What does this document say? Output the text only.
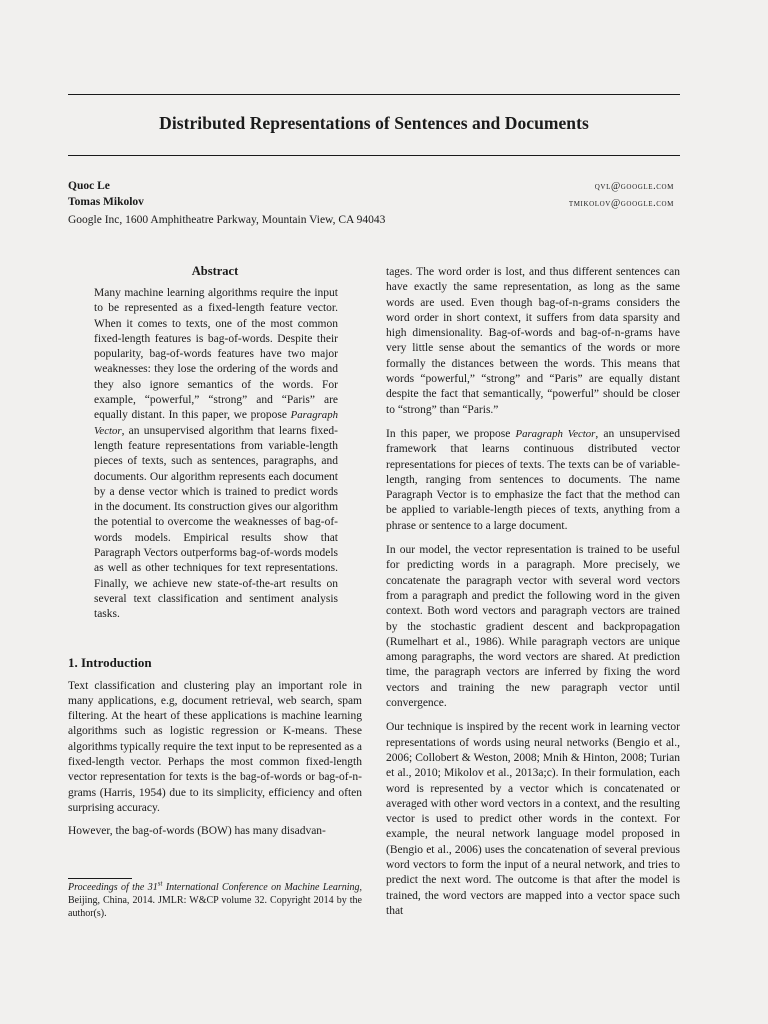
Distributed Representations of Sentences and Documents
Quoc Le
Tomas Mikolov
qvl@google.com
tmikolov@google.com
Google Inc, 1600 Amphitheatre Parkway, Mountain View, CA 94043
Abstract

Many machine learning algorithms require the input to be represented as a fixed-length feature vector. When it comes to texts, one of the most common fixed-length features is bag-of-words. Despite their popularity, bag-of-words features have two major weaknesses: they lose the ordering of the words and they also ignore semantics of the words. For example, “powerful,” “strong” and “Paris” are equally distant. In this paper, we propose Paragraph Vector, an unsupervised algorithm that learns fixed-length feature representations from variable-length pieces of texts, such as sentences, paragraphs, and documents. Our algorithm represents each document by a dense vector which is trained to predict words in the document. Its construction gives our algorithm the potential to overcome the weaknesses of bag-of-words models. Empirical results show that Paragraph Vectors outperforms bag-of-words models as well as other techniques for text representations. Finally, we achieve new state-of-the-art results on several text classification and sentiment analysis tasks.

1. Introduction

Text classification and clustering play an important role in many applications, e.g, document retrieval, web search, spam filtering. At the heart of these applications is machine learning algorithms such as logistic regression or K-means. These algorithms typically require the text input to be represented as a fixed-length vector. Perhaps the most common fixed-length vector representation for texts is the bag-of-words or bag-of-n-grams (Harris, 1954) due to its simplicity, efficiency and often surprising accuracy.

However, the bag-of-words (BOW) has many disadvan-

Proceedings of the 31st International Conference on Machine Learning, Beijing, China, 2014. JMLR: W&CP volume 32. Copyright 2014 by the author(s).

tages. The word order is lost, and thus different sentences can have exactly the same representation, as long as the same words are used. Even though bag-of-n-grams considers the word order in short context, it suffers from data sparsity and high dimensionality. Bag-of-words and bag-of-n-grams have very little sense about the semantics of the words or more formally the distances between the words. This means that words “powerful,” “strong” and “Paris” are equally distant despite the fact that semantically, “powerful” should be closer to “strong” than “Paris.”

In this paper, we propose Paragraph Vector, an unsupervised framework that learns continuous distributed vector representations for pieces of texts. The texts can be of variable-length, ranging from sentences to documents. The name Paragraph Vector is to emphasize the fact that the method can be applied to variable-length pieces of texts, anything from a phrase or sentence to a large document.

In our model, the vector representation is trained to be useful for predicting words in a paragraph. More precisely, we concatenate the paragraph vector with several word vectors from a paragraph and predict the following word in the given context. Both word vectors and paragraph vectors are trained by the stochastic gradient descent and backpropagation (Rumelhart et al., 1986). While paragraph vectors are unique among paragraphs, the word vectors are shared. At prediction time, the paragraph vectors are inferred by fixing the word vectors and training the new paragraph vector until convergence.

Our technique is inspired by the recent work in learning vector representations of words using neural networks (Bengio et al., 2006; Collobert & Weston, 2008; Mnih & Hinton, 2008; Turian et al., 2010; Mikolov et al., 2013a;c). In their formulation, each word is represented by a vector which is concatenated or averaged with other word vectors in a context, and the resulting vector is used to predict other words in the context. For example, the neural network language model proposed in (Bengio et al., 2006) uses the concatenation of several previous word vectors to form the input of a neural network, and tries to predict the next word. The outcome is that after the model is trained, the word vectors are mapped into a vector space such that
